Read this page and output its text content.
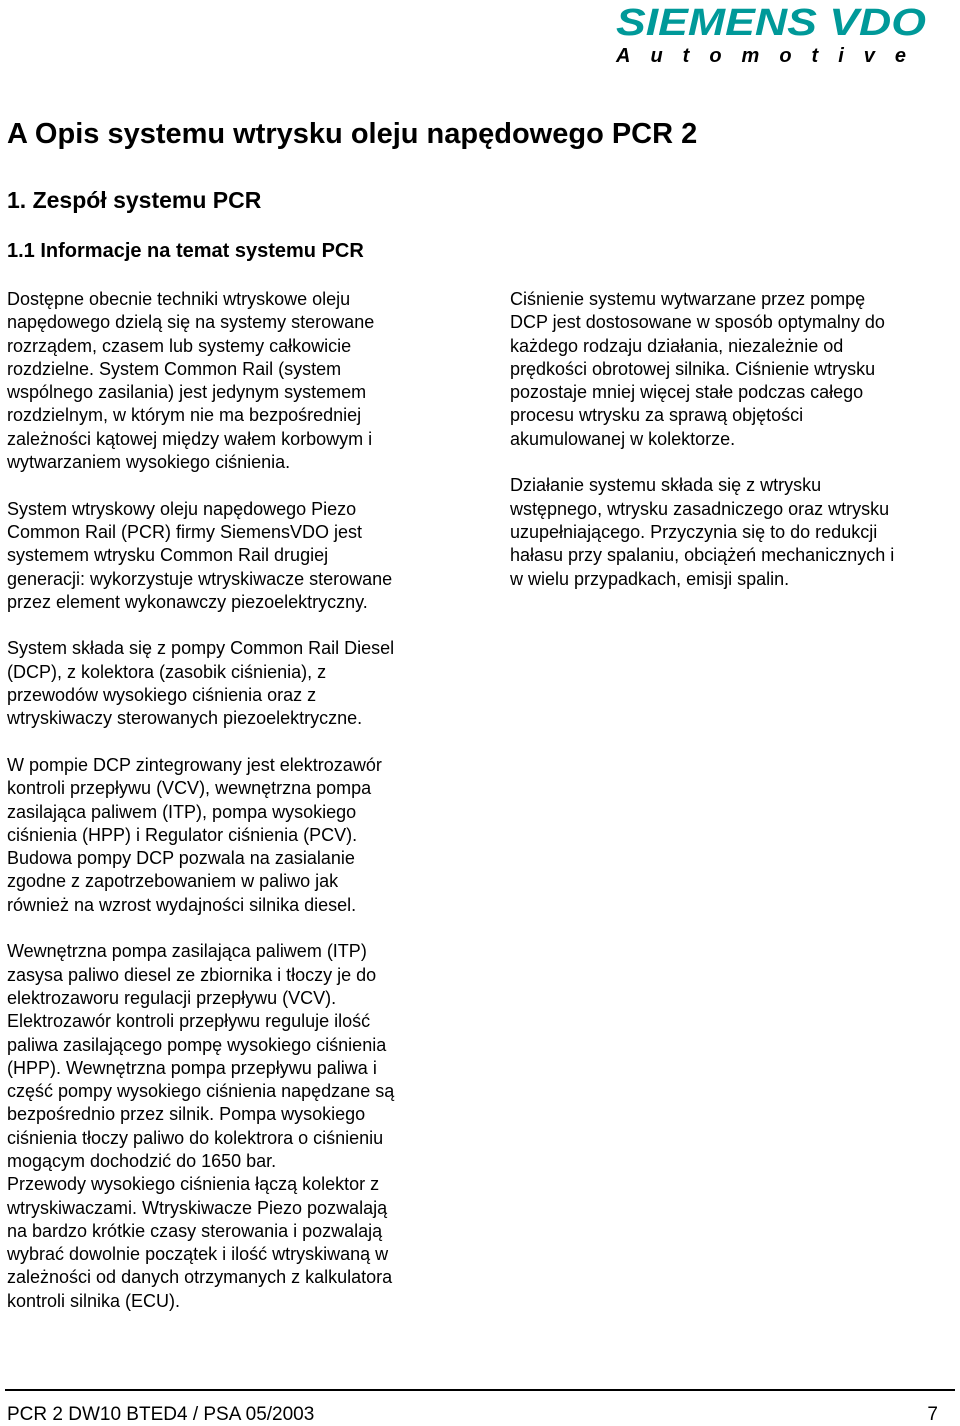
SIEMENS VDO
Automotive
A Opis systemu wtrysku oleju napędowego PCR 2
1. Zespół systemu PCR
1.1 Informacje na temat systemu PCR

Dostępne obecnie techniki wtryskowe oleju
napędowego dzielą się na systemy sterowane
rozrządem, czasem lub systemy całkowicie
rozdzielne. System Common Rail (system
wspólnego zasilania) jest jedynym systemem
rozdzielnym, w którym nie ma bezpośredniej
zależności kątowej między wałem korbowym i
wytwarzaniem wysokiego ciśnienia.

System wtryskowy oleju napędowego Piezo
Common Rail (PCR) firmy SiemensVDO jest
systemem wtrysku Common Rail drugiej
generacji: wykorzystuje wtryskiwacze sterowane
przez element wykonawczy piezoelektryczny.

System składa się z pompy Common Rail Diesel
(DCP), z kolektora (zasobik ciśnienia), z
przewodów wysokiego ciśnienia oraz z
wtryskiwaczy sterowanych piezoelektryczne.

W pompie DCP zintegrowany jest elektrozawór
kontroli przepływu (VCV), wewnętrzna pompa
zasilająca paliwem (ITP), pompa wysokiego
ciśnienia (HPP) i Regulator ciśnienia (PCV).
Budowa pompy DCP pozwala na zasialanie
zgodne z zapotrzebowaniem w paliwo jak
również na wzrost wydajności silnika diesel.

Wewnętrzna pompa zasilająca paliwem (ITP)
zasysa paliwo diesel ze zbiornika i tłoczy je do
elektrozaworu regulacji przepływu (VCV).
Elektrozawór kontroli przepływu reguluje ilość
paliwa zasilającego pompę wysokiego ciśnienia
(HPP). Wewnętrzna pompa przepływu paliwa i
część pompy wysokiego ciśnienia napędzane są
bezpośrednio przez silnik. Pompa wysokiego
ciśnienia tłoczy paliwo do kolektrora o ciśnieniu
mogącym dochodzić do 1650 bar.
Przewody wysokiego ciśnienia łączą kolektor z
wtryskiwaczami. Wtryskiwacze Piezo pozwalają
na bardzo krótkie czasy sterowania i pozwalają
wybrać dowolnie początek i ilość wtryskiwaną w
zależności od danych otrzymanych z kalkulatora
kontroli silnika (ECU).

Ciśnienie systemu wytwarzane przez pompę
DCP jest dostosowane w sposób optymalny do
każdego rodzaju działania, niezależnie od
prędkości obrotowej silnika. Ciśnienie wtrysku
pozostaje mniej więcej stałe podczas całego
procesu wtrysku za sprawą objętości
akumulowanej w kolektorze.

Działanie systemu składa się z wtrysku
wstępnego, wtrysku zasadniczego oraz wtrysku
uzupełniającego. Przyczynia się to do redukcji
hałasu przy spalaniu, obciążeń mechanicznych i
w wielu przypadkach, emisji spalin.

PCR 2 DW10 BTED4 / PSA 05/2003	7
